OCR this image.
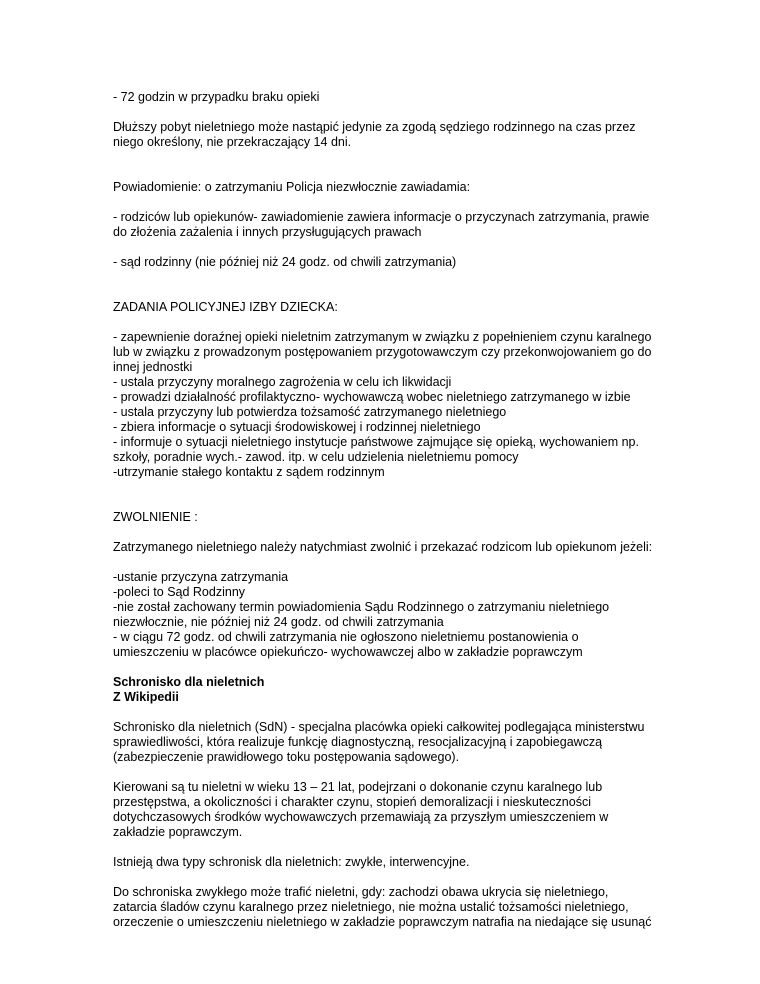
- 72 godzin w przypadku braku opieki

Dłuższy pobyt nieletniego może nastąpić jedynie za zgodą sędziego rodzinnego na czas przez

niego określony, nie przekraczający 14 dni.

Powiadomienie: o zatrzymaniu Policja niezwłocznie zawiadamia:

- rodziców lub opiekunów- zawiadomienie zawiera informacje o przyczynach zatrzymania, prawie

do złożenia zażalenia i innych przysługujących prawach

- sąd rodzinny (nie później niż 24 godz. od chwili zatrzymania)

ZADANIA POLICYJNEJ IZBY DZIECKA:

- zapewnienie doraźnej opieki nieletnim zatrzymanym w związku z popełnieniem czynu karalnego

lub w związku z prowadzonym postępowaniem przygotowawczym czy przekonwojowaniem go do

innej jednostki

- ustala przyczyny moralnego zagrożenia w celu ich likwidacji

- prowadzi działalność profilaktyczno- wychowawczą wobec nieletniego zatrzymanego w izbie

- ustala przyczyny lub potwierdza tożsamość zatrzymanego nieletniego

- zbiera informacje o sytuacji środowiskowej i rodzinnej nieletniego

- informuje o sytuacji nieletniego instytucje państwowe zajmujące się opieką, wychowaniem np.

szkoły, poradnie wych.- zawod. itp. w celu udzielenia nieletniemu pomocy

-utrzymanie stałego kontaktu z sądem rodzinnym

ZWOLNIENIE :

Zatrzymanego nieletniego należy natychmiast zwolnić i przekazać rodzicom lub opiekunom jeżeli:

-ustanie przyczyna zatrzymania

-poleci to Sąd Rodzinny

-nie został zachowany termin powiadomienia Sądu Rodzinnego o zatrzymaniu nieletniego

niezwłocznie, nie później niż 24 godz. od chwili zatrzymania

- w ciągu 72 godz. od chwili zatrzymania nie ogłoszono nieletniemu postanowienia o

umieszczeniu w placówce opiekuńczo- wychowawczej albo w zakładzie poprawczym

Schronisko dla nieletnich

Z Wikipedii

Schronisko dla nieletnich (SdN) - specjalna placówka opieki całkowitej podlegająca ministerstwu

sprawiedliwości, która realizuje funkcję diagnostyczną, resocjalizacyjną i zapobiegawczą

(zabezpieczenie prawidłowego toku postępowania sądowego).

Kierowani są tu nieletni w wieku 13 – 21 lat, podejrzani o dokonanie czynu karalnego lub

przestępstwa, a okoliczności i charakter czynu, stopień demoralizacji i nieskuteczności

dotychczasowych środków wychowawczych przemawiają za przyszłym umieszczeniem w

zakładzie poprawczym.

Istnieją dwa typy schronisk dla nieletnich: zwykłe, interwencyjne.

Do schroniska zwykłego może trafić nieletni, gdy: zachodzi obawa ukrycia się nieletniego,

zatarcia śladów czynu karalnego przez nieletniego, nie można ustalić tożsamości nieletniego,

orzeczenie o umieszczeniu nieletniego w zakładzie poprawczym natrafia na niedające się usunąć
